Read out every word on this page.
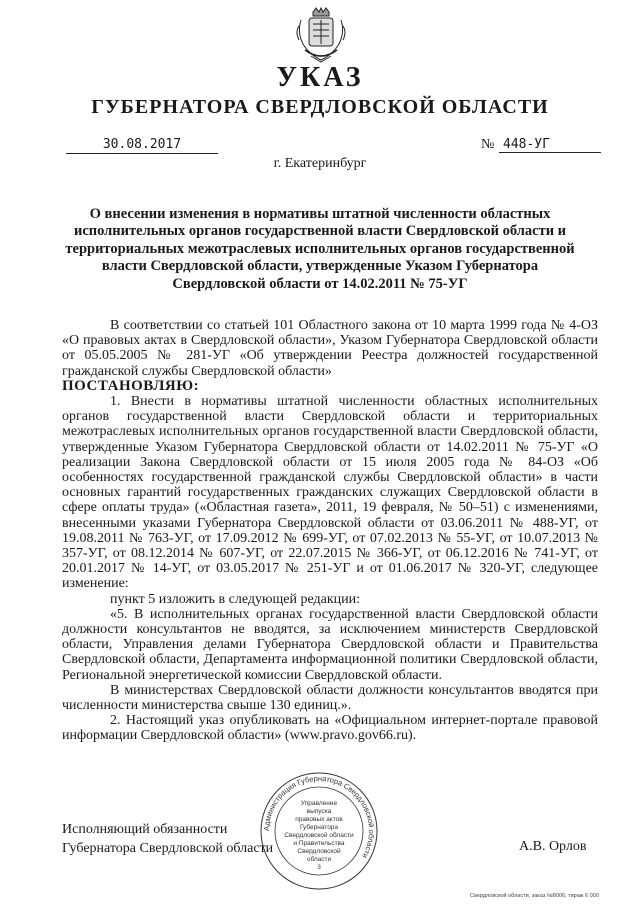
УКАЗ
ГУБЕРНАТОРА СВЕРДЛОВСКОЙ ОБЛАСТИ
30.08.2017	№ 448-УГ
г. Екатеринбург
О внесении изменения в нормативы штатной численности областных исполнительных органов государственной власти Свердловской области и территориальных межотраслевых исполнительных органов государственной власти Свердловской области, утвержденные Указом Губернатора Свердловской области от 14.02.2011 № 75-УГ

В соответствии со статьей 101 Областного закона от 10 марта 1999 года № 4-ОЗ «О правовых актах в Свердловской области», Указом Губернатора Свердловской области от 05.05.2005 № 281-УГ «Об утверждении Реестра должностей государственной гражданской службы Свердловской области»

ПОСТАНОВЛЯЮ:

1. Внести в нормативы штатной численности областных исполнительных органов государственной власти Свердловской области и территориальных межотраслевых исполнительных органов государственной власти Свердловской области, утвержденные Указом Губернатора Свердловской области от 14.02.2011 № 75-УГ «О реализации Закона Свердловской области от 15 июля 2005 года № 84-ОЗ «Об особенностях государственной гражданской службы Свердловской области» в части основных гарантий государственных гражданских служащих Свердловской области в сфере оплаты труда» («Областная газета», 2011, 19 февраля, № 50–51) с изменениями, внесенными указами Губернатора Свердловской области от 03.06.2011 № 488-УГ, от 19.08.2011 № 763-УГ, от 17.09.2012 № 699-УГ, от 07.02.2013 № 55-УГ, от 10.07.2013 № 357-УГ, от 08.12.2014 № 607-УГ, от 22.07.2015 № 366-УГ, от 06.12.2016 № 741-УГ, от 20.01.2017 № 14-УГ, от 03.05.2017 № 251-УГ и от 01.06.2017 № 320-УГ, следующее изменение:

пункт 5 изложить в следующей редакции:

«5. В исполнительных органах государственной власти Свердловской области должности консультантов не вводятся, за исключением министерств Свердловской области, Управления делами Губернатора Свердловской области и Правительства Свердловской области, Департамента информационной политики Свердловской области, Региональной энергетической комиссии Свердловской области.

В министерствах Свердловской области должности консультантов вводятся при численности министерства свыше 130 единиц.».

2. Настоящий указ опубликовать на «Официальном интернет-портале правовой информации Свердловской области» (www.pravo.gov66.ru).

Администрация Губернатора Свердловской области
Управление
выпуска
правовых актов
Губернатора
Свердловской области
и Правительства
Свердловской
области
3
Исполняющий обязанности
Губернатора Свердловской области	А.В. Орлов
Свердловской области, заказ №8006, тираж 6 000
